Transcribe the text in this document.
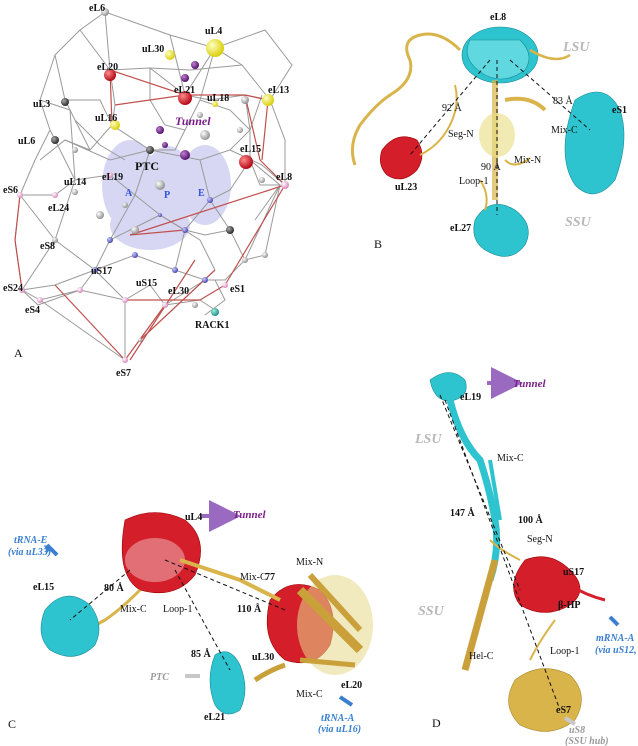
eL6
uL30
uL4
eL20
eL21	eL13
uL3
uL18
uL16
uL6
PTC
eL15
eS6
uL14 eL19	eL8
eL24
eS8
uS17
eS24	uS15
eL30	eS1
eS4
RACK1
eS7
Tunnel
A	P	E
A
eL8
eS1
uL23
eL27
92 Å
83 Å
90 Å
Seg-N	Mix-C
Mix-N
Loop-1
LSU
SSU
B
uL4	Tunnel
eL15
uL30
eL21
eL20
80 Å
77
110 Å
85 Å
Mix-N
Mix-C
Loop-1
Mix-C
Mix-C
tRNA-E
(via uL33)
tRNA-A
(via uL16)
PTC
C
eL19
Tunnel
uS17
eS7
147 Å
100 Å
Mix-C
Seg-N
β-HP
Hel-C	Loop-1
LSU
SSU
mRNA-A
(via uS12,
uS8
(SSU hub)
D
